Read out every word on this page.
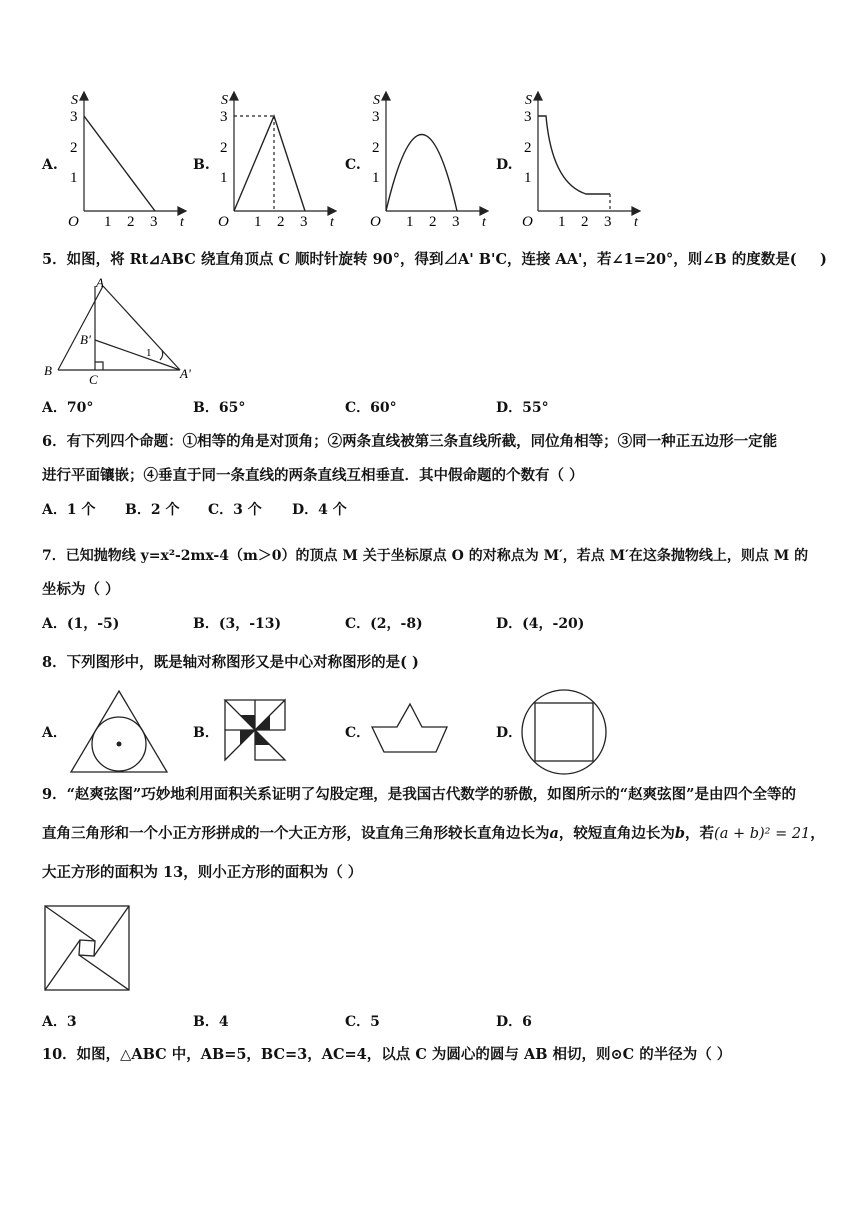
A.	B.	C.	D.
S
t
O
3
2
1
1 2 3
S
t
O
3
2
1
1 2 3
S
t
O
3
2
1
1 2 3
S
t
O
3
2
1
1 2 3
5．如图，将 Rt⊿ABC 绕直角顶点 C 顺时针旋转 90°，得到⊿A' B'C，连接 AA'，若∠1=20°，则∠B 的度数是( )
A
B
C
B'
A'
1
A．70°	B．65°	C．60°	D．55°
6．有下列四个命题：①相等的角是对顶角；②两条直线被第三条直线所截，同位角相等；③同一种正五边形一定能
进行平面镶嵌；④垂直于同一条直线的两条直线互相垂直．其中假命题的个数有（ ）
A．1 个 B．2 个 C．3 个 D．4 个
7．已知抛物线 y=x²-2mx-4（m＞0）的顶点 M 关于坐标原点 O 的对称点为 M′，若点 M′在这条抛物线上，则点 M 的
坐标为（ ）
A．(1，-5)	B．(3，-13)	C．(2，-8)	D．(4，-20)
8．下列图形中，既是轴对称图形又是中心对称图形的是( )
A．	B．	C．	D．
9．“赵爽弦图”巧妙地利用面积关系证明了勾股定理，是我国古代数学的骄傲，如图所示的“赵爽弦图”是由四个全等的
直角三角形和一个小正方形拼成的一个大正方形，设直角三角形较长直角边长为a，较短直角边长为b，若(a + b)² = 21，
大正方形的面积为 13，则小正方形的面积为（ ）
A．3	B．4	C．5	D．6
10．如图，△ABC 中，AB=5，BC=3，AC=4，以点 C 为圆心的圆与 AB 相切，则⊙C 的半径为（ ）
